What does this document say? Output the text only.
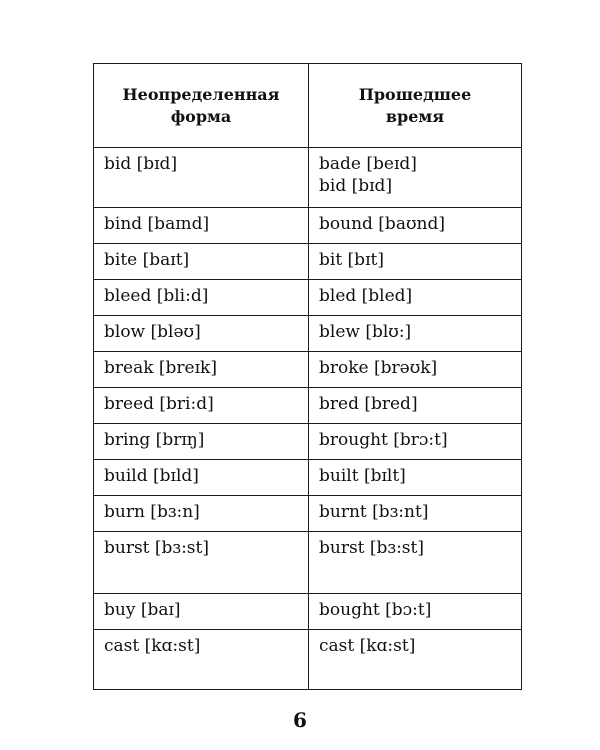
Неопределенная
форма	Прошедшее
время

bid [bɪd]	bade [beɪd]
bid [bɪd]

bind [baɪnd]	bound [baʊnd]
bite [baɪt]	bit [bɪt]
bleed [bli:d]	bled [bled]
blow [bləʊ]	blew [blʊ:]
break [breɪk]	broke [brəʊk]
breed [bri:d]	bred [bred]
bring [brɪŋ]	brought [brɔ:t]
build [bɪld]	built [bɪlt]
burn [bɜ:n]	burnt [bɜ:nt]
burst [bɜ:st]	burst [bɜ:st]
buy [baɪ]	bought [bɔ:t]
cast [kɑ:st]	cast [kɑ:st]
6
